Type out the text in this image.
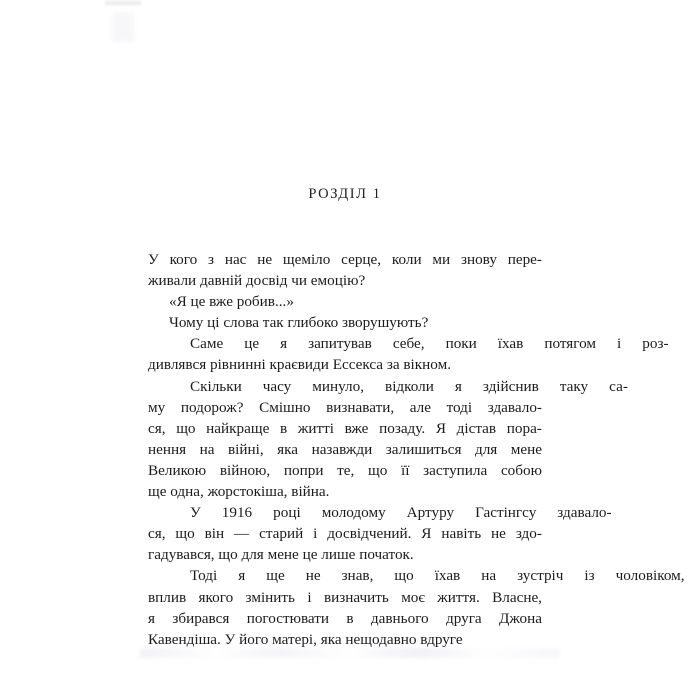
РОЗДІЛ 1

У кого з нас не щеміло серце, коли ми знову пере-
живали давній досвід чи емоцію?

«Я це вже робив...»

Чому ці слова так глибоко зворушують?

Саме	це	я	запитував	себе,	поки	їхав	потягом	і	роз-
дивлявся рівнинні краєвиди Ессекса за вікном.

Скільки	часу	минуло,	відколи	я	здійснив	таку	са-
му подорож? Смішно визнавати, але тоді здавало-
ся, що найкраще в житті вже позаду. Я дістав пора-
нення на війні, яка назавжди залишиться для мене
Великою війною, попри те, що її заступила собою
ще одна, жорстокіша, війна.

У	1916	році	молодому	Артуру	Гастінгсу	здавало-
ся, що він — старий і досвідчений. Я навіть не здо-
гадувався, що для мене це лише початок.

Тоді	я	ще	не	знав,	що	їхав	на	зустріч	із	чоловіком,
вплив якого змінить і визначить моє життя. Власне,
я збирався погостювати в давнього друга Джона
Кавендіша. У його матері, яка нещодавно вдруге
